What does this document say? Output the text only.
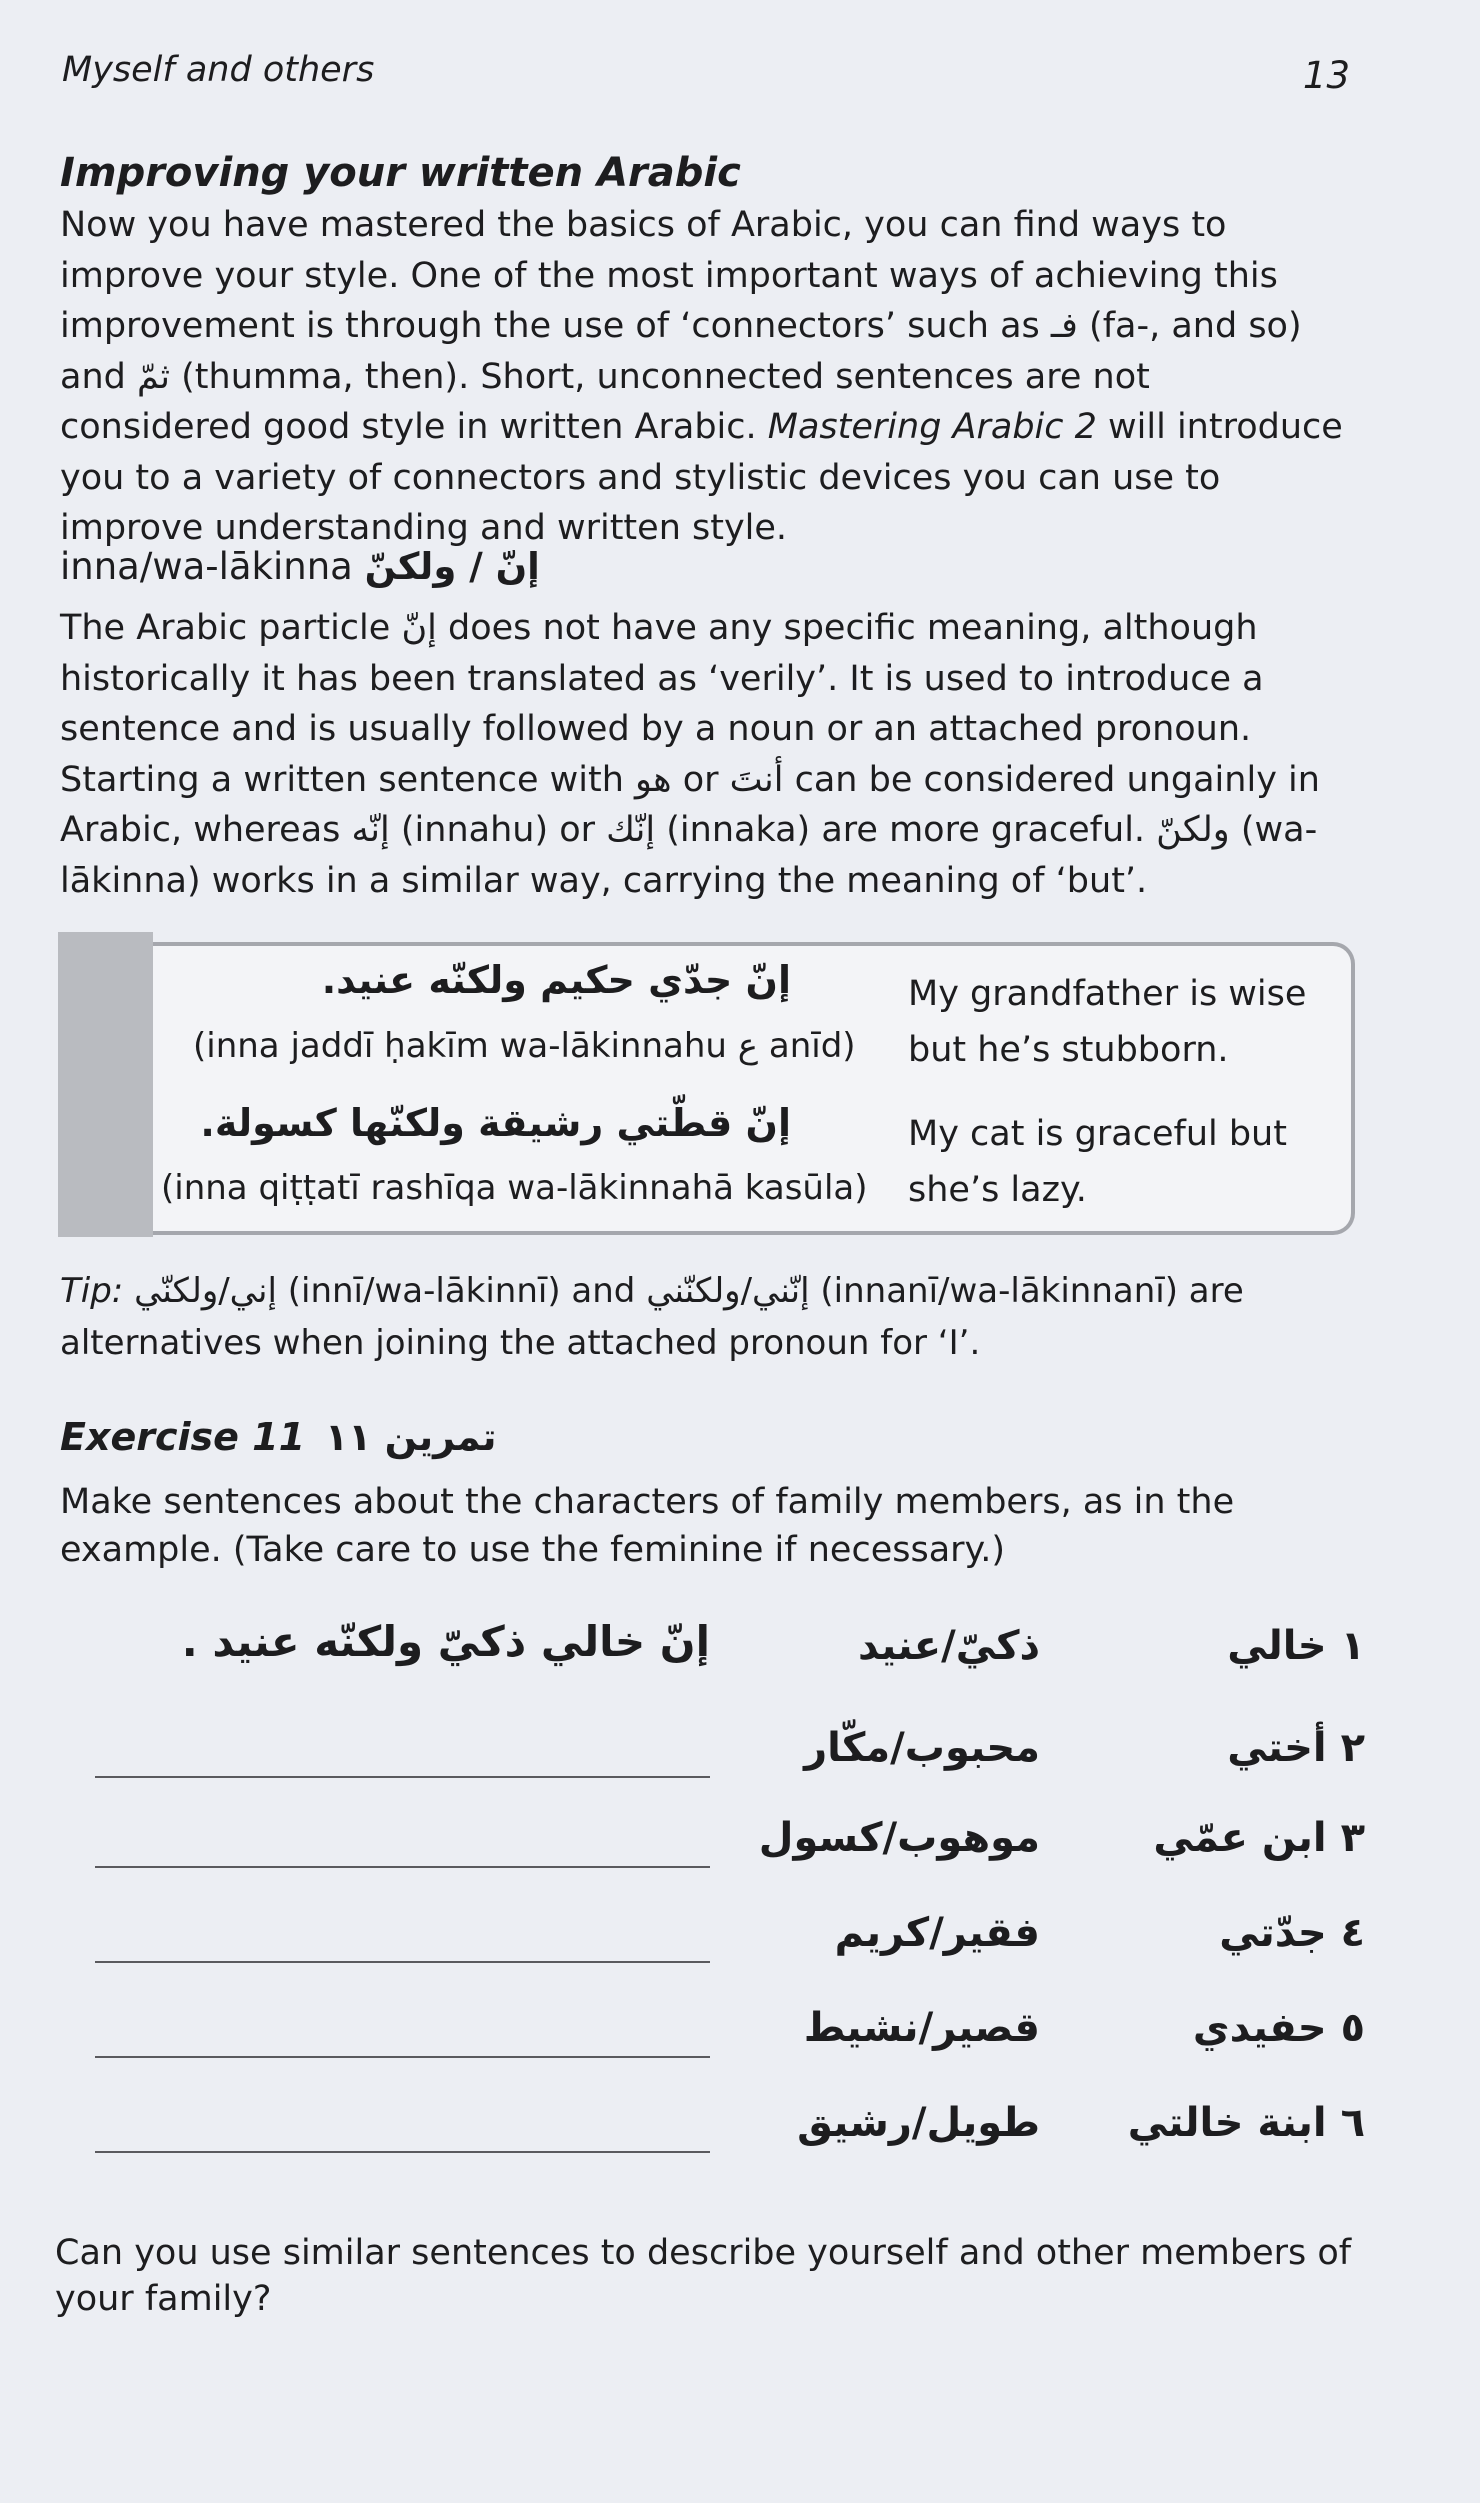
Myself and others	13
Improving your written Arabic
Now you have mastered the basics of Arabic, you can find ways to improve your style. One of the most important ways of achieving this improvement is through the use of ‘connectors’ such as فـ (fa-, and so) and ثمّ (thumma, then). Short, unconnected sentences are not considered good style in written Arabic. Mastering Arabic 2 will introduce you to a variety of connectors and stylistic devices you can use to improve understanding and written style.
inna/wa-lākinna إنّ / ولكنّ
The Arabic particle إنّ does not have any specific meaning, although historically it has been translated as ‘verily’. It is used to introduce a sentence and is usually followed by a noun or an attached pronoun. Starting a written sentence with هو or أنتَ can be considered ungainly in Arabic, whereas إنّه (innahu) or إنّك (innaka) are more graceful. ولكنّ (wa-lākinna) works in a similar way, carrying the meaning of ‘but’.
إنّ جدّي حكيم ولكنّه عنيد.
(inna jaddī ḥakīm wa-lākinnahu ع anīd)
My grandfather is wise but he’s stubborn.
إنّ قطّتي رشيقة ولكنّها كسولة.
(inna qiṭṭatī rashīqa wa-lākinnahā kasūla)
My cat is graceful but she’s lazy.
Tip: إني/ولكنّي (innī/wa-lākinnī) and إنّني/ولكنّني (innanī/wa-lākinnanī) are alternatives when joining the attached pronoun for ‘I’.
Exercise 11 تمرين ١١
Make sentences about the characters of family members, as in the example. (Take care to use the feminine if necessary.)
إنّ خالي ذكيّ ولكنّه عنيد .	ذكيّ/عنيد	١ خالي
محبوب/مكّار	٢ أختي
موهوب/كسول	٣ ابن عمّي
فقير/كريم	٤ جدّتي
قصير/نشيط	٥ حفيدي
طويل/رشيق	٦ ابنة خالتي
Can you use similar sentences to describe yourself and other members of your family?
